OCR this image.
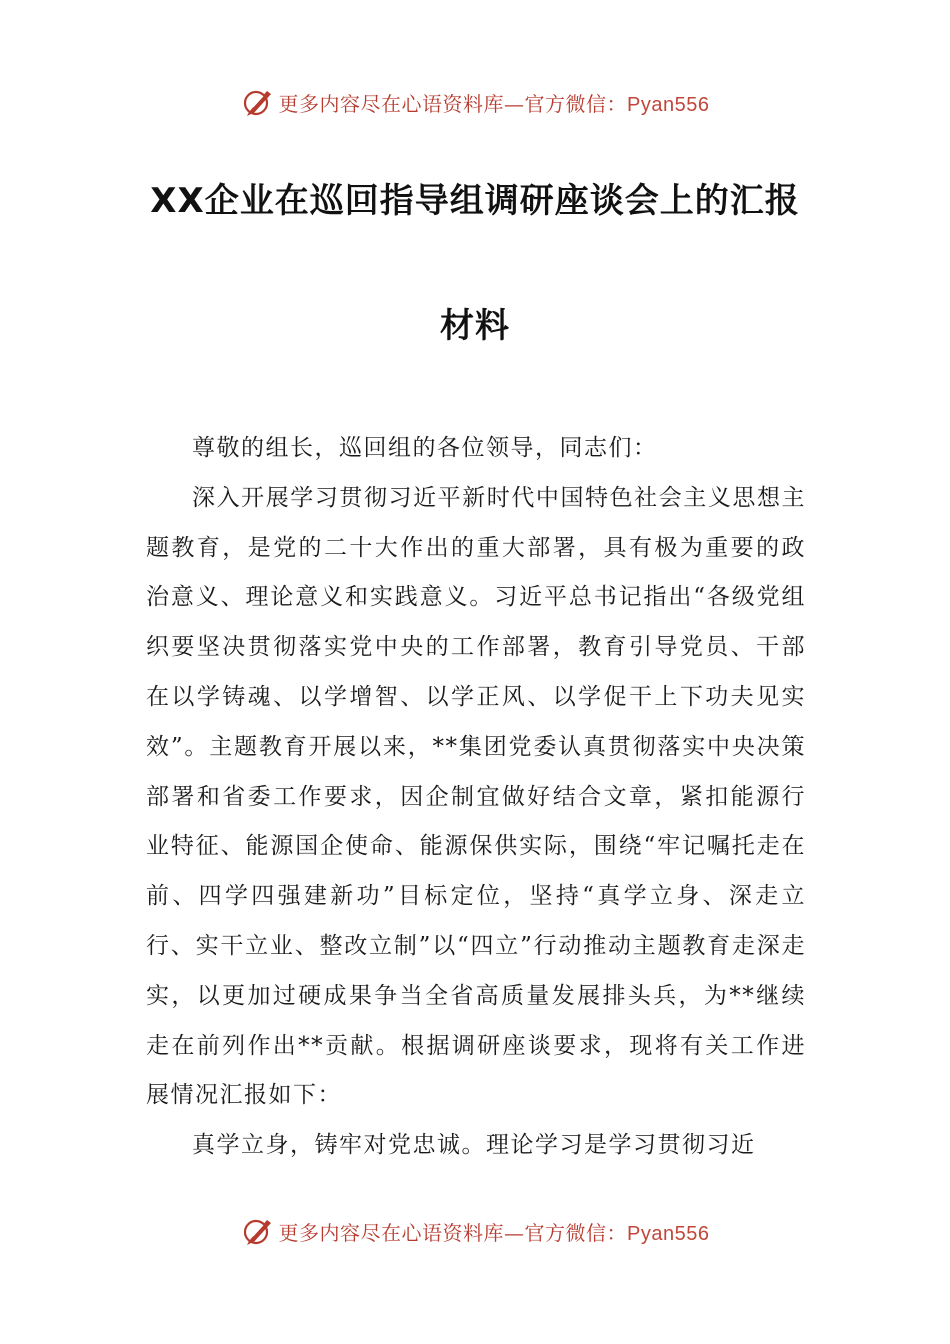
更多内容尽在心语资料库—官方微信：Pyan556
XX企业在巡回指导组调研座谈会上的汇报
材料

尊敬的组长，巡回组的各位领导，同志们：

深入开展学习贯彻习近平新时代中国特色社会主义思想主题教育，是党的二十大作出的重大部署，具有极为重要的政治意义、理论意义和实践意义。习近平总书记指出“各级党组织要坚决贯彻落实党中央的工作部署，教育引导党员、干部在以学铸魂、以学增智、以学正风、以学促干上下功夫见实效”。主题教育开展以来，**集团党委认真贯彻落实中央决策部署和省委工作要求，因企制宜做好结合文章，紧扣能源行业特征、能源国企使命、能源保供实际，围绕“牢记嘱托走在前、四学四强建新功”目标定位，坚持“真学立身、深走立行、实干立业、整改立制”以“四立”行动推动主题教育走深走实，以更加过硬成果争当全省高质量发展排头兵，为**继续走在前列作出**贡献。根据调研座谈要求，现将有关工作进展情况汇报如下：

真学立身，铸牢对党忠诚。理论学习是学习贯彻习近

更多内容尽在心语资料库—官方微信：Pyan556
